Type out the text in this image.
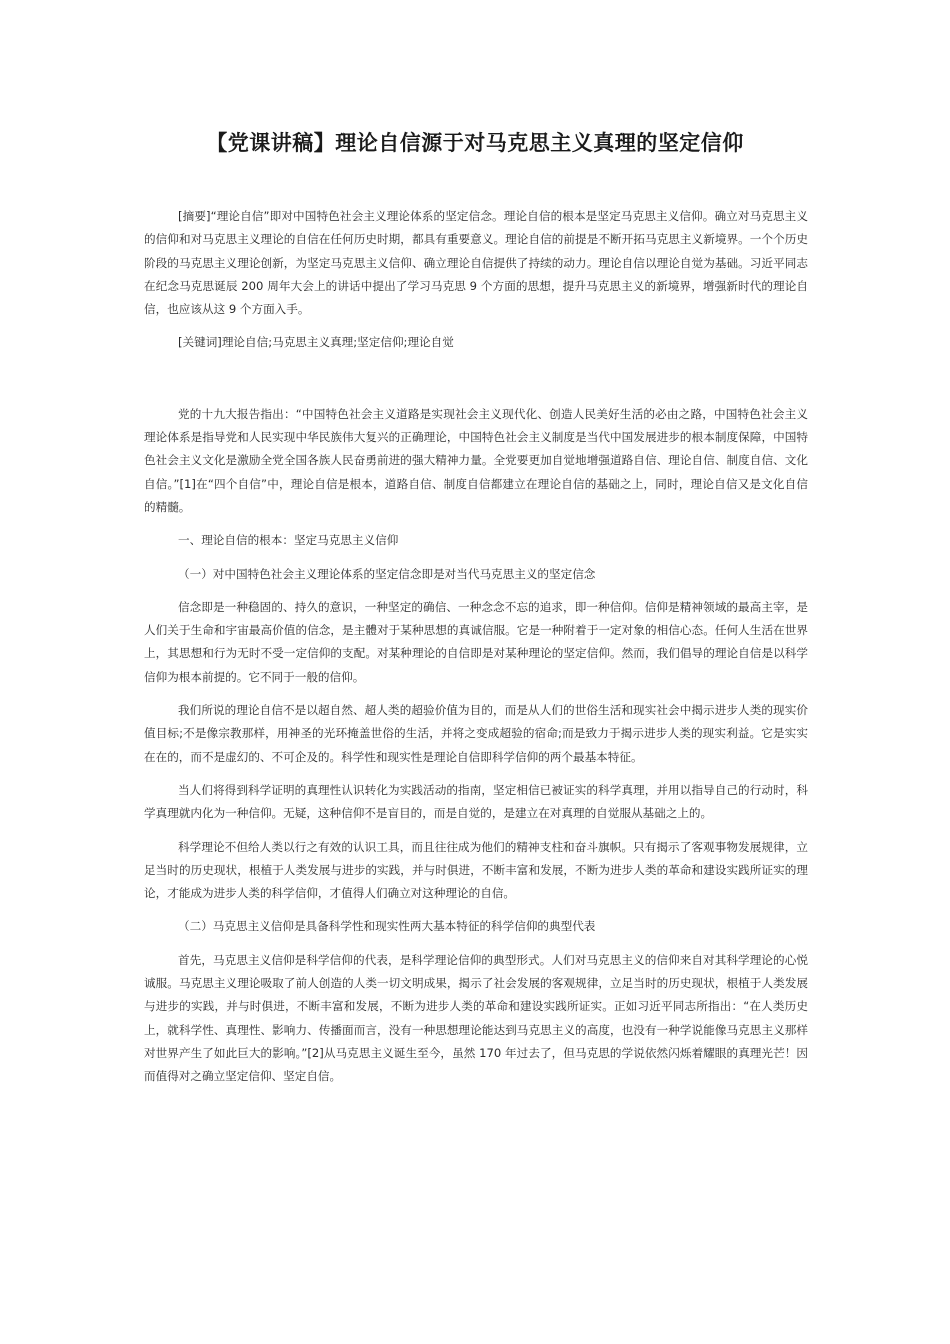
【党课讲稿】理论自信源于对马克思主义真理的坚定信仰

[摘要]“理论自信”即对中国特色社会主义理论体系的坚定信念。理论自信的根本是坚定马克思主义信仰。确立对马克思主义的信仰和对马克思主义理论的自信在任何历史时期，都具有重要意义。理论自信的前提是不断开拓马克思主义新境界。一个个历史阶段的马克思主义理论创新，为坚定马克思主义信仰、确立理论自信提供了持续的动力。理论自信以理论自觉为基础。习近平同志在纪念马克思诞辰 200 周年大会上的讲话中提出了学习马克思 9 个方面的思想，提升马克思主义的新境界，增强新时代的理论自信，也应该从这 9 个方面入手。

[关键词]理论自信;马克思主义真理;坚定信仰;理论自觉

党的十九大报告指出：“中国特色社会主义道路是实现社会主义现代化、创造人民美好生活的必由之路，中国特色社会主义理论体系是指导党和人民实现中华民族伟大复兴的正确理论，中国特色社会主义制度是当代中国发展进步的根本制度保障，中国特色社会主义文化是激励全党全国各族人民奋勇前进的强大精神力量。全党要更加自觉地增强道路自信、理论自信、制度自信、文化自信。”[1]在“四个自信”中，理论自信是根本，道路自信、制度自信都建立在理论自信的基础之上，同时，理论自信又是文化自信的精髓。

一、理论自信的根本：坚定马克思主义信仰

（一）对中国特色社会主义理论体系的坚定信念即是对当代马克思主义的坚定信念

信念即是一种稳固的、持久的意识，一种坚定的确信、一种念念不忘的追求，即一种信仰。信仰是精神领域的最高主宰，是人们关于生命和宇宙最高价值的信念，是主體对于某种思想的真诚信服。它是一种附着于一定对象的相信心态。任何人生活在世界上，其思想和行为无时不受一定信仰的支配。对某种理论的自信即是对某种理论的坚定信仰。然而，我们倡导的理论自信是以科学信仰为根本前提的。它不同于一般的信仰。

我们所说的理论自信不是以超自然、超人类的超验价值为目的，而是从人们的世俗生活和现实社会中揭示进步人类的现实价值目标;不是像宗教那样，用神圣的光环掩盖世俗的生活，并将之变成超验的宿命;而是致力于揭示进步人类的现实利益。它是实实在在的，而不是虚幻的、不可企及的。科学性和现实性是理论自信即科学信仰的两个最基本特征。

当人们将得到科学证明的真理性认识转化为实践活动的指南，坚定相信已被证实的科学真理，并用以指导自己的行动时，科学真理就内化为一种信仰。无疑，这种信仰不是盲目的，而是自觉的，是建立在对真理的自觉服从基础之上的。

科学理论不但给人类以行之有效的认识工具，而且往往成为他们的精神支柱和奋斗旗帜。只有揭示了客观事物发展规律，立足当时的历史现状，根植于人类发展与进步的实践，并与时俱进，不断丰富和发展，不断为进步人类的革命和建设实践所证实的理论，才能成为进步人类的科学信仰，才值得人们确立对这种理论的自信。

（二）马克思主义信仰是具备科学性和现实性两大基本特征的科学信仰的典型代表

首先，马克思主义信仰是科学信仰的代表，是科学理论信仰的典型形式。人们对马克思主义的信仰来自对其科学理论的心悦诚服。马克思主义理论吸取了前人创造的人类一切文明成果，揭示了社会发展的客观规律，立足当时的历史现状，根植于人类发展与进步的实践，并与时俱进，不断丰富和发展，不断为进步人类的革命和建设实践所证实。正如习近平同志所指出：“在人类历史上，就科学性、真理性、影响力、传播面而言，没有一种思想理论能达到马克思主义的高度，也没有一种学说能像马克思主义那样对世界产生了如此巨大的影响。”[2]从马克思主义诞生至今，虽然 170 年过去了，但马克思的学说依然闪烁着耀眼的真理光芒！因而值得对之确立坚定信仰、坚定自信。
